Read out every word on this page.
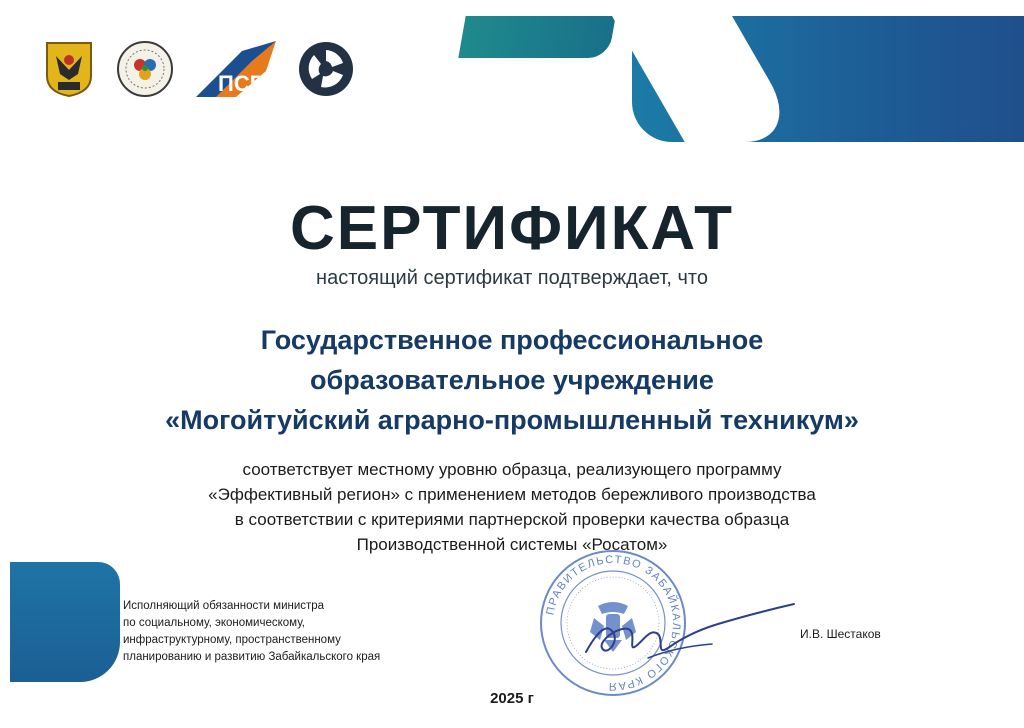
ПСР
СЕРТИФИКАТ

настоящий сертификат подтверждает, что

Государственное профессиональное
образовательное учреждение
«Могойтуйский аграрно-промышленный техникум»
соответствует местному уровню образца, реализующего программу
«Эффективный регион» с применением методов бережливого производства
в соответствии с критериями партнерской проверки качества образца
Производственной системы «Росатом»
Исполняющий обязанности министра
по социальному, экономическому,
инфраструктурному, пространственному
планированию и развитию Забайкальского края
ПРАВИТЕЛЬСТВО ЗАБАЙКАЛЬСКОГО КРАЯ
И.В. Шестаков
2025 г
